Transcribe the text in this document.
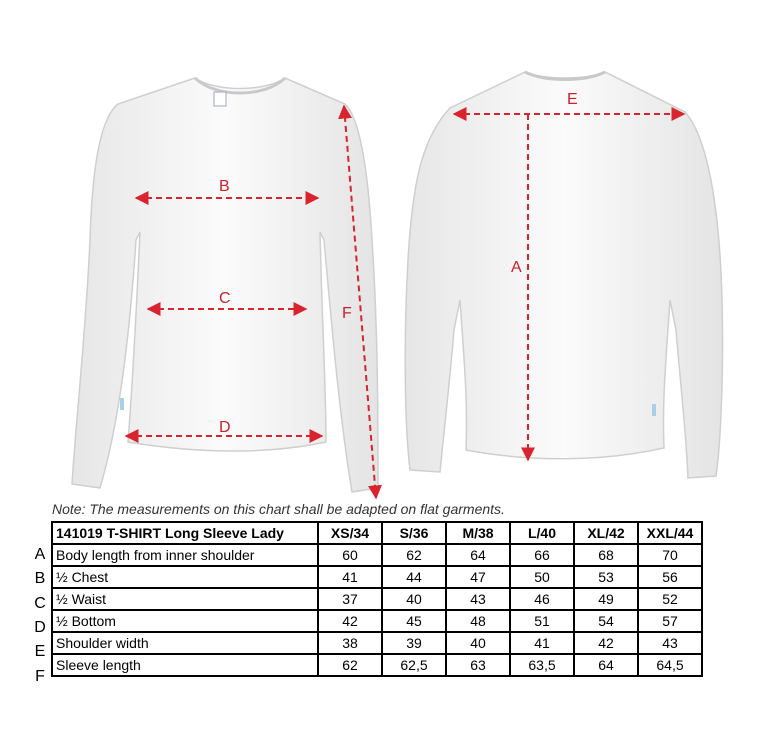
B
C
D
F
E
A
Note: The measurements on this chart shall be adapted on flat garments.
A
B
C
D
E
F
141019 T-SHIRT Long Sleeve Lady	XS/34	S/36	M/38	L/40	XL/42	XXL/44
Body length from inner shoulder	60	62	64	66	68	70
½ Chest	41	44	47	50	53	56
½ Waist	37	40	43	46	49	52
½ Bottom	42	45	48	51	54	57
Shoulder width	38	39	40	41	42	43
Sleeve length	62	62,5	63	63,5	64	64,5
